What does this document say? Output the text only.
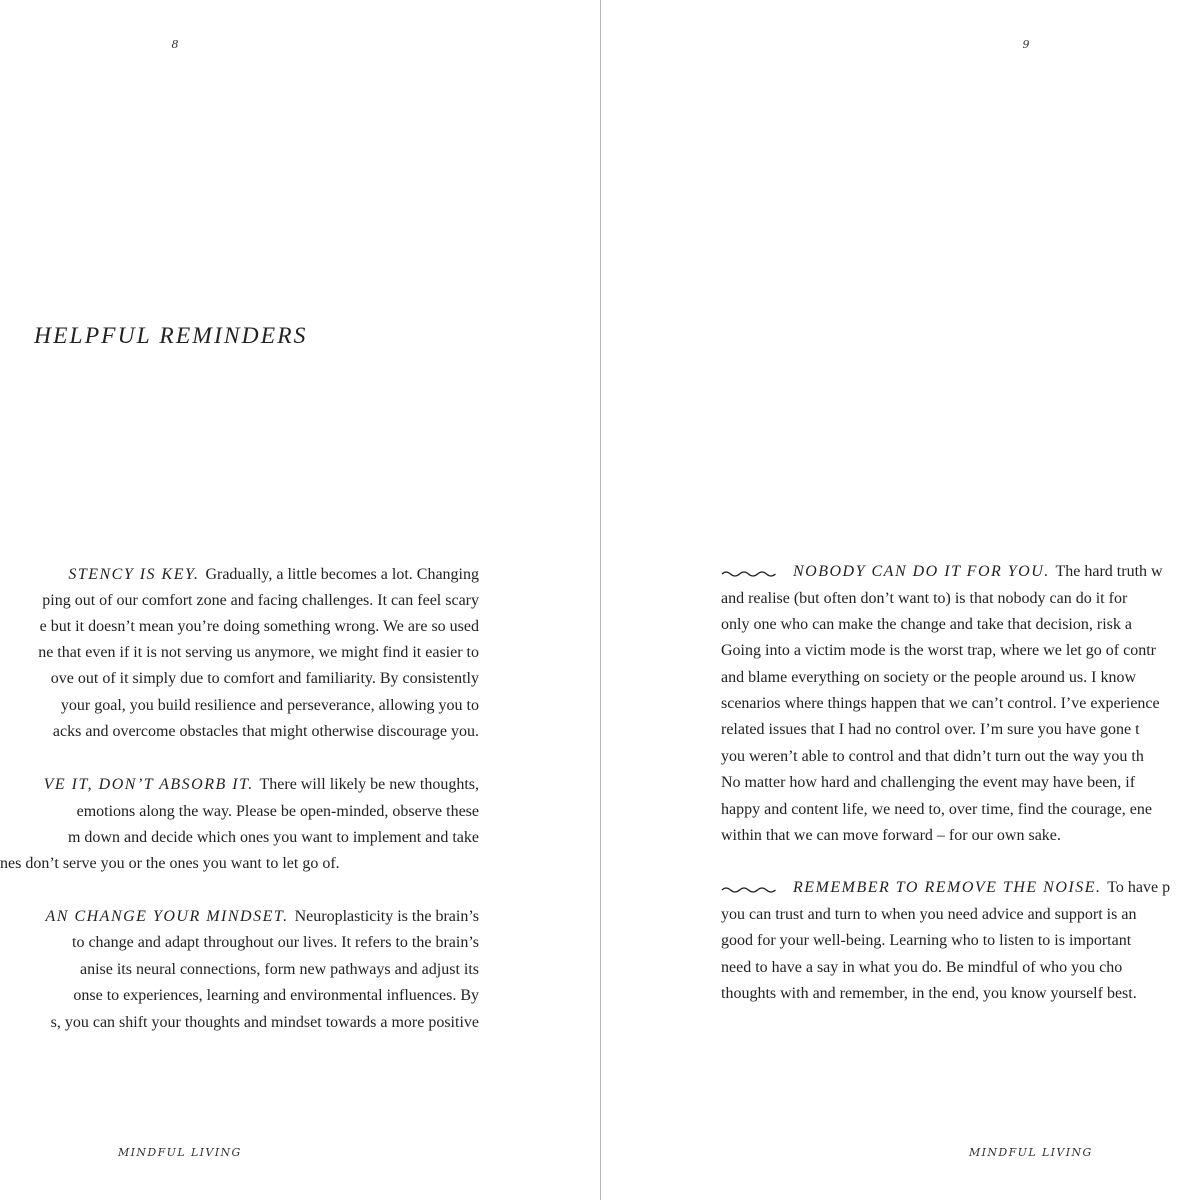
8
HELPFUL REMINDERS
STENCY IS KEY. Gradually, a little becomes a lot. Changing
ping out of our comfort zone and facing challenges. It can feel scary
e but it doesn’t mean you’re doing something wrong. We are so used
ne that even if it is not serving us anymore, we might find it easier to
ove out of it simply due to comfort and familiarity. By consistently
your goal, you build resilience and perseverance, allowing you to
acks and overcome obstacles that might otherwise discourage you.
VE IT, DON’T ABSORB IT. There will likely be new thoughts,
emotions along the way. Please be open-minded, observe these
m down and decide which ones you want to implement and take
nes don’t serve you or the ones you want to let go of.
AN CHANGE YOUR MINDSET. Neuroplasticity is the brain’s
to change and adapt throughout our lives. It refers to the brain’s
anise its neural connections, form new pathways and adjust its
onse to experiences, learning and environmental influences. By
s, you can shift your thoughts and mindset towards a more positive
MINDFUL LIVING
9
NOBODY CAN DO IT FOR YOU. The hard truth w
and realise (but often don’t want to) is that nobody can do it for
only one who can make the change and take that decision, risk a
Going into a victim mode is the worst trap, where we let go of contr
and blame everything on society or the people around us. I know
scenarios where things happen that we can’t control. I’ve experience
related issues that I had no control over. I’m sure you have gone t
you weren’t able to control and that didn’t turn out the way you th
No matter how hard and challenging the event may have been, if
happy and content life, we need to, over time, find the courage, ene
within that we can move forward – for our own sake.
REMEMBER TO REMOVE THE NOISE. To have p
you can trust and turn to when you need advice and support is an
good for your well-being. Learning who to listen to is important
need to have a say in what you do. Be mindful of who you cho
thoughts with and remember, in the end, you know yourself best.
MINDFUL LIVING
